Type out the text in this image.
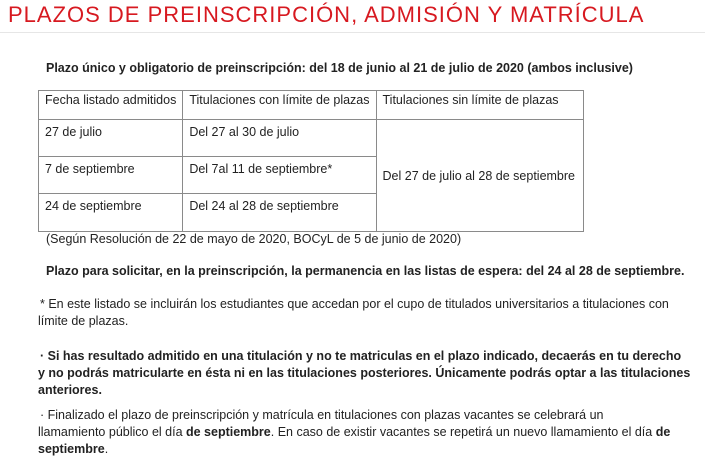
PLAZOS DE PREINSCRIPCIÓN, ADMISIÓN Y MATRÍCULA
Plazo único y obligatorio de preinscripción: del 18 de junio al 21 de julio de 2020 (ambos inclusive)
Fecha listado admitidos	Titulaciones con límite de plazas	Titulaciones sin límite de plazas
27 de julio	Del 27 al 30 de julio	Del 27 de julio al 28 de septiembre
7 de septiembre	Del 7al 11 de septiembre*	
24 de septiembre	Del 24 al 28 de septiembre	
(Según Resolución de 22 de mayo de 2020, BOCyL de 5 de junio de 2020)
Plazo para solicitar, en la preinscripción, la permanencia en las listas de espera: del 24 al 28 de septiembre.
* En este listado se incluirán los estudiantes que accedan por el cupo de titulados universitarios a titulaciones con
límite de plazas.
· Si has resultado admitido en una titulación y no te matriculas en el plazo indicado, decaerás en tu derecho
y no podrás matricularte en ésta ni en las titulaciones posteriores. Únicamente podrás optar a las titulaciones
anteriores.
· Finalizado el plazo de preinscripción y matrícula en titulaciones con plazas vacantes se celebrará un
llamamiento público el día de septiembre. En caso de existir vacantes se repetirá un nuevo llamamiento el día de
septiembre.
